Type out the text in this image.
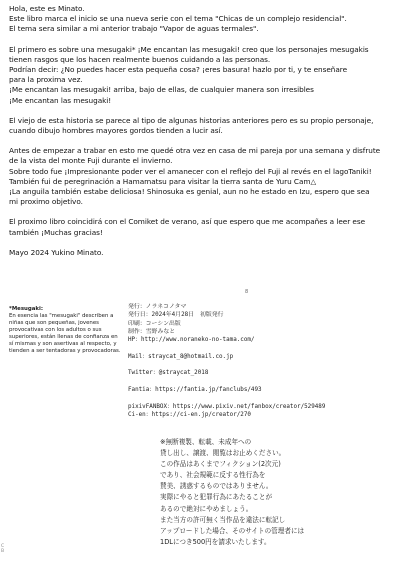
Hola, este es Minato.

Este libro marca el inicio se una nueva serie con el tema "Chicas de un complejo residencial".

El tema sera similar a mi anterior trabajo "Vapor de aguas termales".

El primero es sobre una mesugaki* ¡Me encantan las mesugaki! creo que los personajes mesugakis

tienen rasgos que los hacen realmente buenos cuidando a las personas.

Podrían decir: ¿No puedes hacer esta pequeña cosa? ¡eres basura! hazlo por ti, y te enseñare

para la proxima vez.

¡Me encantan las mesugaki! arriba, bajo de ellas, de cualquier manera son irresibles

¡Me encantan las mesugaki!

El viejo de esta historia se parece al tipo de algunas historias anteriores pero es su propio personaje,

cuando dibujo hombres mayores gordos tienden a lucir así.

Antes de empezar a trabar en esto me quedé otra vez en casa de mi pareja por una semana y disfrute

de la vista del monte Fuji durante el invierno.

Sobre todo fue ¡Impresionante poder ver el amanecer con el reflejo del Fuji al revés en el lagoTaniki!

También fui de peregrinación a Hamamatsu para visitar la tierra santa de Yuru Cam△

¡La anguila también estabe deliciosa! Shinosuka es genial, aun no he estado en Izu, espero que sea

mi proximo objetivo.

El proximo libro coincidirá con el Comiket de verano, así que espero que me acompañes a leer ese

también ¡Muchas gracias!

Mayo 2024 Yukino Minato.

8
*Mesugaki:
En esencia las "mesugaki" describen a niñas que son pequeñas, jovenes provocativas con los adultos o sus superiores, están llenas de confianza en sí mismas y son asertivas al respecto, y tienden a ser tentadoras y provocadoras.
発行：ノラネコノタマ
発行日：2024年4月28日　初版発行
印刷：コーシン出版
制作：雪野みなと
HP：http://www.noraneko-no-tama.com/
Mail：straycat_8@hotmail.co.jp
Twitter：@straycat_2018
Fantia：https://fantia.jp/fanclubs/493
pixivFANBOX：https://www.pixiv.net/fanbox/creator/529489
Ci-en：https://ci-en.jp/creator/270
※無断複製、転載、未成年への
貸し出し、譲渡、閲覧はお止めください。
この作品はあくまでフィクション(2次元)
であり、社会規範に反する性行為を
賛美、誘惑するものではありません。
実際にやると犯罪行為にあたることが
あるので絶対にやめましょう。
また当方の許可無く当作品を違法に転記し
アップロードした場合、そのサイトの管理者には
1DLにつき500円を請求いたします。
C
B
